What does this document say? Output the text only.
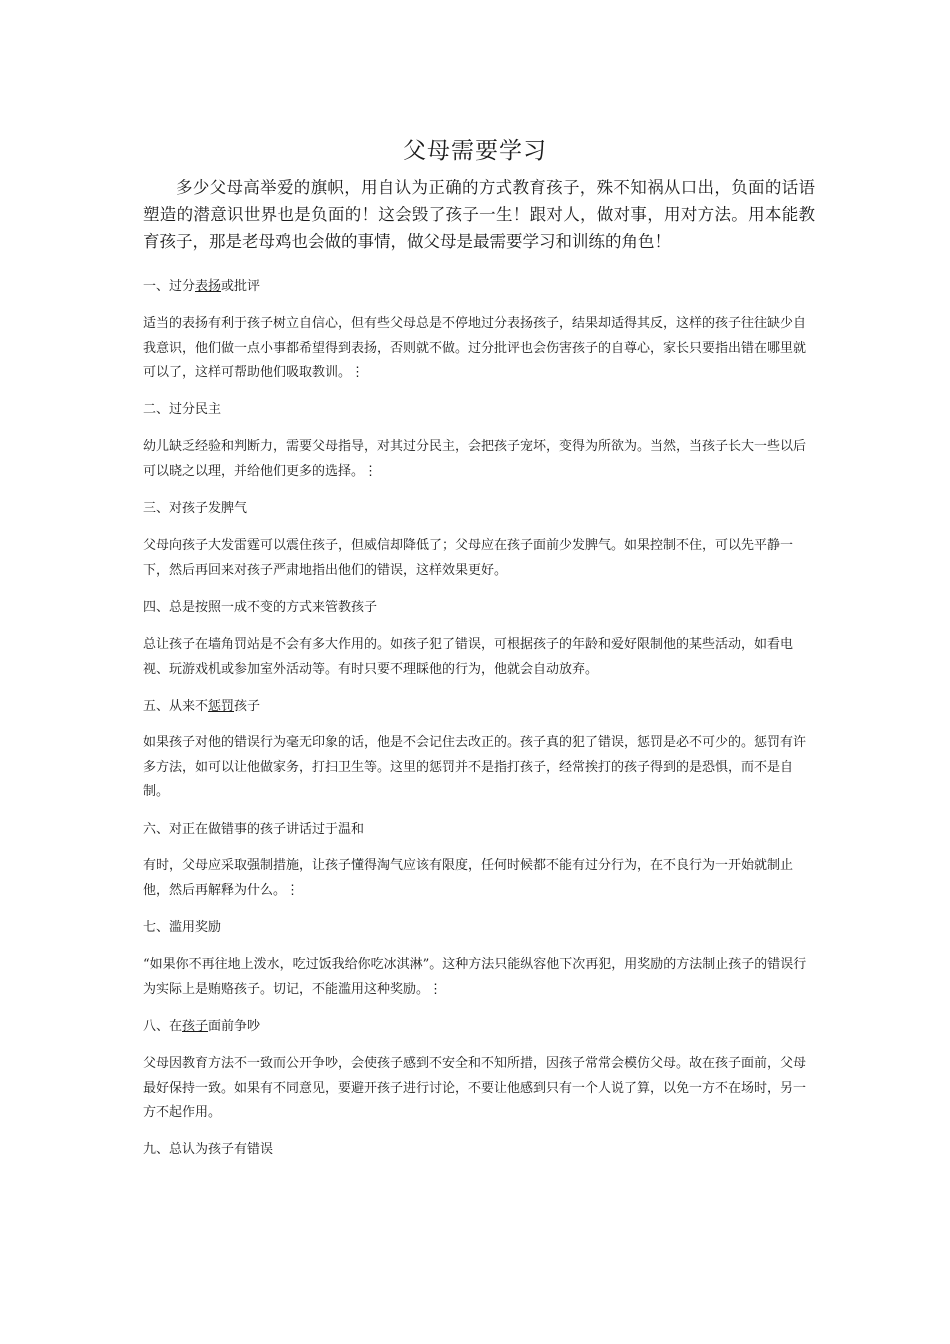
父母需要学习
多少父母高举爱的旗帜，用自认为正确的方式教育孩子，殊不知祸从口出，负面的话语塑造的潜意识世界也是负面的！这会毁了孩子一生！跟对人，做对事，用对方法。用本能教育孩子，那是老母鸡也会做的事情，做父母是最需要学习和训练的角色！
一、过分表扬或批评
适当的表扬有利于孩子树立自信心，但有些父母总是不停地过分表扬孩子，结果却适得其反，这样的孩子往往缺少自我意识，他们做一点小事都希望得到表扬，否则就不做。过分批评也会伤害孩子的自尊心，家长只要指出错在哪里就可以了，这样可帮助他们吸取教训。⋮
二、过分民主
幼儿缺乏经验和判断力，需要父母指导，对其过分民主，会把孩子宠坏，变得为所欲为。当然，当孩子长大一些以后可以晓之以理，并给他们更多的选择。⋮
三、对孩子发脾气
父母向孩子大发雷霆可以震住孩子，但威信却降低了；父母应在孩子面前少发脾气。如果控制不住，可以先平静一下，然后再回来对孩子严肃地指出他们的错误，这样效果更好。
四、总是按照一成不变的方式来管教孩子
总让孩子在墙角罚站是不会有多大作用的。如孩子犯了错误，可根据孩子的年龄和爱好限制他的某些活动，如看电视、玩游戏机或参加室外活动等。有时只要不理睬他的行为，他就会自动放弃。
五、从来不惩罚孩子
如果孩子对他的错误行为毫无印象的话，他是不会记住去改正的。孩子真的犯了错误，惩罚是必不可少的。惩罚有许多方法，如可以让他做家务，打扫卫生等。这里的惩罚并不是指打孩子，经常挨打的孩子得到的是恐惧，而不是自制。
六、对正在做错事的孩子讲话过于温和
有时，父母应采取强制措施，让孩子懂得淘气应该有限度，任何时候都不能有过分行为，在不良行为一开始就制止他，然后再解释为什么。⋮
七、滥用奖励
“如果你不再往地上泼水，吃过饭我给你吃冰淇淋”。这种方法只能纵容他下次再犯，用奖励的方法制止孩子的错误行为实际上是贿赂孩子。切记，不能滥用这种奖励。⋮
八、在孩子面前争吵
父母因教育方法不一致而公开争吵，会使孩子感到不安全和不知所措，因孩子常常会模仿父母。故在孩子面前，父母最好保持一致。如果有不同意见，要避开孩子进行讨论，不要让他感到只有一个人说了算，以免一方不在场时，另一方不起作用。
九、总认为孩子有错误
